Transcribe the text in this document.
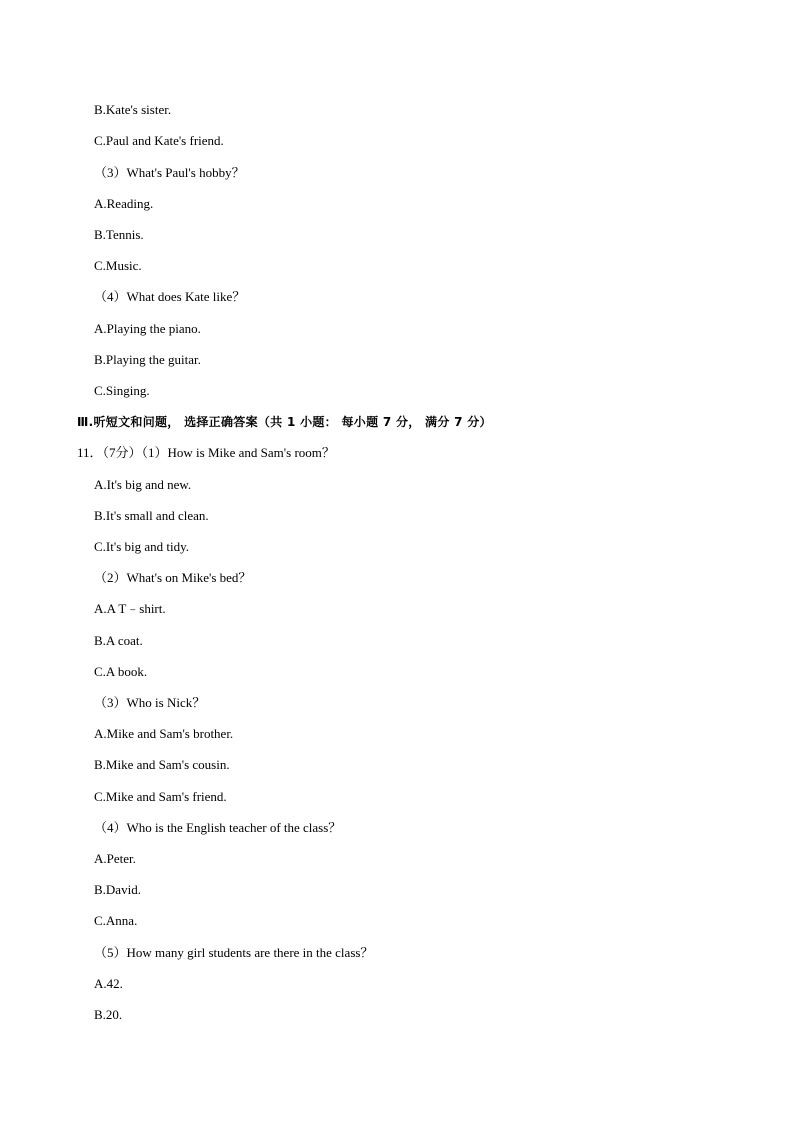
B.Kate's sister.
C.Paul and Kate's friend.
（3）What's Paul's hobby？
A.Reading.
B.Tennis.
C.Music.
（4）What does Kate like？
A.Playing the piano.
B.Playing the guitar.
C.Singing.
Ⅲ.听短文和问题， 选择正确答案（共 1 小题： 每小题 7 分， 满分 7 分）
11．（7分）（1）How is Mike and Sam's room？
A.It's big and new.
B.It's small and clean.
C.It's big and tidy.
（2）What's on Mike's bed？
A.A T﹣shirt.
B.A coat.
C.A book.
（3）Who is Nick？
A.Mike and Sam's brother.
B.Mike and Sam's cousin.
C.Mike and Sam's friend.
（4）Who is the English teacher of the class？
A.Peter.
B.David.
C.Anna.
（5）How many girl students are there in the class？
A.42.
B.20.
